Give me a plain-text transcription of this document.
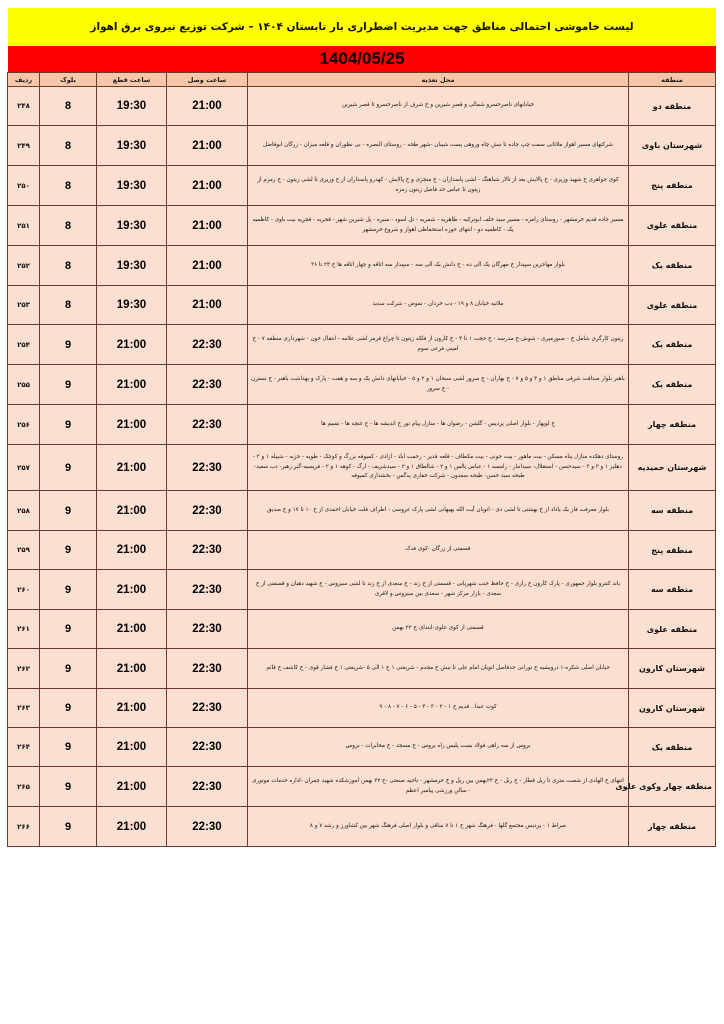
لیست خاموشی احتمالی مناطق جهت مدیریت اضطراری بار تابستان ۱۴۰۴ – شرکت توزیع نیروی برق اهواز
1404/05/25
منطقه	محل تغذیه	ساعت وصل	ساعت قطع	بلوک	ردیف
منطقه دو	خیابانهای ناصرخسرو شمالی و قصر شیرین و خ شرف از ناصرخسرو تا قصر شیرین	21:00	19:30	8	۲۴۸
شهرستان باوی	شرکتهای مسیر اهواز ملاثانی سمت چپ جاده تا نبش چاه وروهی پست شیبان -شهر طحه - روستای البصره - بی نظوران و قلعه میزان - زرگان ابوفاضل	21:00	19:30	8	۲۴۹
منطقه پنج	کوی جواهری خ شهید وزیری - خ پالایش بعد از تالار شباهنگ - لشی پاسداران - خ منجزی و خ پالایش - کهدرو پاسداران از خ وزیری تا لشی زیتون - خ زمزم از زیتون تا عباس حد فاصل زیتون زمزه	21:00	19:30	8	۲۵۰
منطقه علوی	مسیر جاده قدیم خرمشهر - روستای رامزه - مسیر سید خلف ابوترکیه - طاهریه - شمریه - تل اسود - سیره - پل شیرین شهر - قجریه - قجریه بیت باوی - کاظمیه یک - کاظمیه دو - انتهای حوزه استحفاظی اهواز و شروع خرمشهر	21:00	19:30	8	۲۵۱
منطقه یک	بلوار مهاجرین سپیدار خ مهرگان یک الی ده - خ دانش یک الی سه - سپیدار سه اتاقه و چهار اتاقه ها خ ۲۳ تا ۳۶	21:00	19:30	8	۲۵۲
منطقه علوی	ملاثیه خیابان ۸ و ۱۹ - دب خردان - نموص - شرکت سدید	21:00	19:30	8	۲۵۳
منطقه یک	زیتون کارگری شامل خ - صبورمیری - شوش-خ مدرسه - خ حجت ۱ تا ۴ - خ کارون از فلکه زیتون تا چراغ قرمز لشی علامه - انتقال خون - شهرداری منطقه ۷ - خ امینی فرعی سوم	22:30	21:00	9	۲۵۴
منطقه یک	باهنر بلوار صداقت شرقی مناطق ۱ و ۳ و ۵ و ۷ - خ بهاران - خ سرور لشی سبحان ۱ و ۲ و ۵ - خیابانهای دانش یک و سه و هفت - پارک و بهداشت باهنر - خ نسترن - خ سرور	22:30	21:00	9	۲۵۵
منطقه چهار	خ لویهار - بلوار اصلی پردیس - گلشن - رضوان ها - منازل پیام نور خ اندیشه ها - خ غنچه ها - نسیم ها	22:30	21:00	9	۲۵۶
شهرستان حمیدیه	روستای دهکده منازل پناه مسکن - بیت ماهور - بیت جونی - بیت مکطاف - قلعه قدیر - رحمت اباد - ازادی - کمیوفه بزرگ و کوچک - طویه - حزبه - شبیله ۱ و ۲ - دهلیز ۱ و ۲ و ۳ - سیدحسن - استقلال- سیدانباز - رامسه ۱ - عباس بالس ۱ و ۲ - شالطاق ۱ و ۲ - سیدشریف - ارگ - کوهه ۱ و ۲ - فریسیه-گبر زهیر- دب سعید- طبحه سید حسن- طبحه سعدون - شرکت حفاری پدگس - بخشداری کمیوفه	22:30	21:00	9	۲۵۷
منطقه سه	بلوار معرفت فاز یک پاداد از خ بهشتی تا لشی دی - اتوبان آیت الله بهبهانی لشی پارک عروسی - اطراف فلت خیابان احمدی از خ ۱۰ تا ۱۷ و خ صدیق	22:30	21:00	9	۲۵۸
منطقه پنج	قسمتی از زرگان -کوی فدک	22:30	21:00	9	۲۵۹
منطقه سه	باند کنترو بلوار جمهوری - پارک کارون خ رازی - خ حافظ جنب شهربانی - قسمتی از خ زند - خ سعدی از خ زند تا لشی سیروس - خ شهید دهبان و قسمتی از خ سعدی - بازار مرکز شهر - سعدی بین سیروس و لاقری	22:30	21:00	9	۲۶۰
منطقه علوی	قسمتی از کوی علوی-ابتدای خ ۲۲ بهمن	22:30	21:00	9	۲۶۱
شهرستان کارون	خیابان اصلی شکره-۱ درویشیه خ نورانی حدفاصل اتوبان امام علی تا نبش خ مجدم - شریعتی ۱ خ ۱ الی ۵ -شریعتی ۱ خ فشار قوی - خ کاشف خ قائم	22:30	21:00	9	۲۶۲
شهرستان کارون	کوت عبدا.. قدیم خ ۱ - ۲ - ۳ - ۴ - ۵ - ۶ - ۷ - ۸ - ۹	22:30	21:00	9	۲۶۳
منطقه یک	بروس از سه راهی فولاد بست پلیس راه بروس - خ مسجد - خ مخابرات - بروس	22:30	21:00	9	۲۶۴
منطقه چهار وکوی علوی	انتهای خ الهادی از شصت متری تا ریل قطار - خ ریل - خ ۲۲بهمن بین ریل و خ خرمشهر - ناحیه صنعتی -خ ۲۲ بهمن اموزشکده شهید چمران -اداره خدمات موتوری - سالن ورزشی پیامبر اعظم	22:30	21:00	9	۲۶۵
منطقه چهار	صراط ۱ - پردیس مجتمع گلها - فرهنگ شهر خ ۱ تا ۷ ساقی و بلوار اصلی فرهنگ شهر بین کشاورز و رشد ۷ و ۸	22:30	21:00	9	۲۶۶
